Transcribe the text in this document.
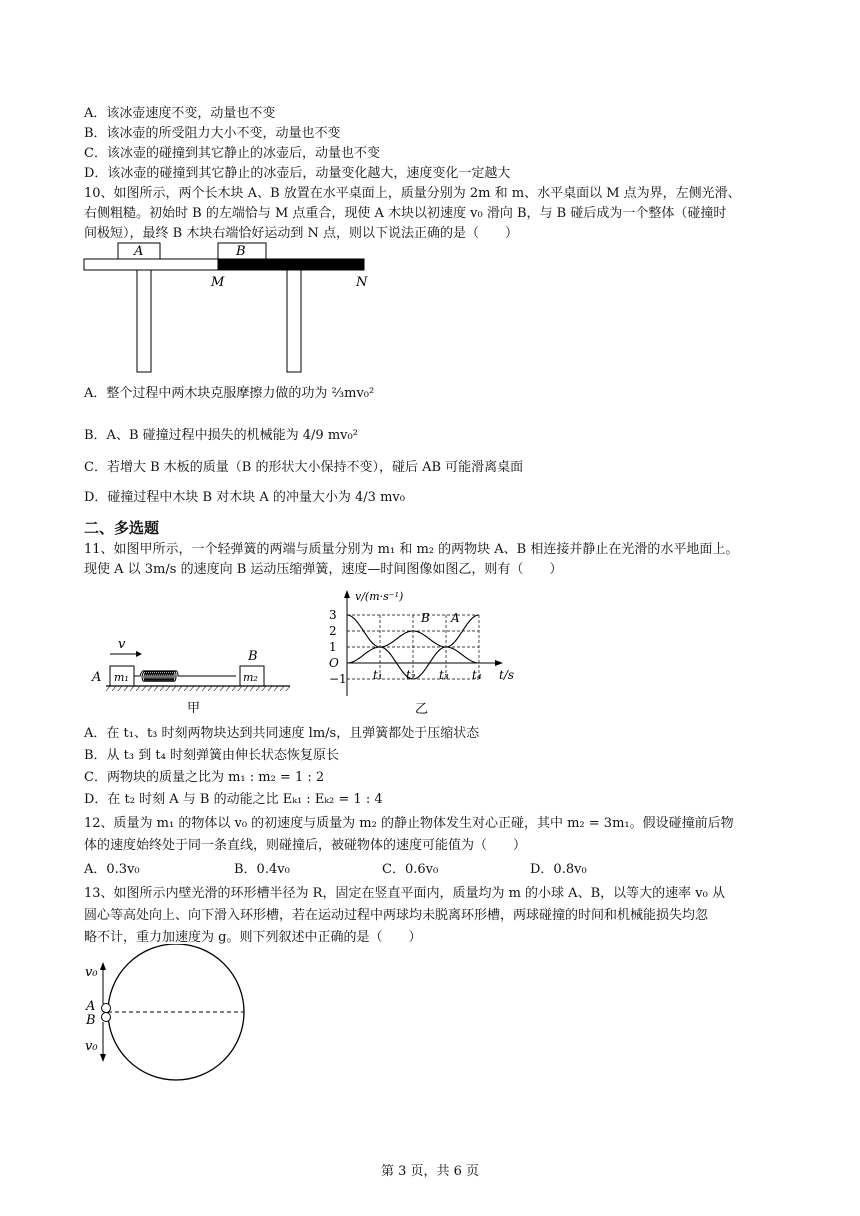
A．该冰壶速度不变，动量也不变
B．该冰壶的所受阻力大小不变，动量也不变
C．该冰壶的碰撞到其它静止的冰壶后，动量也不变
D．该冰壶的碰撞到其它静止的冰壶后，动量变化越大，速度变化一定越大
10、如图所示，两个长木块 A、B 放置在水平桌面上，质量分别为 2m 和 m、水平桌面以 M 点为界，左侧光滑、
右侧粗糙。初始时 B 的左端恰与 M 点重合，现使 A 木块以初速度 v₀ 滑向 B，与 B 碰后成为一个整体（碰撞时
间极短），最终 B 木块右端恰好运动到 N 点，则以下说法正确的是（　　）
A	B
M	N
A．整个过程中两木块克服摩擦力做的功为 ⅔mv₀²
B．A、B 碰撞过程中损失的机械能为 4/9 mv₀²
C．若增大 B 木板的质量（B 的形状大小保持不变），碰后 AB 可能滑离桌面
D．碰撞过程中木块 B 对木块 A 的冲量大小为 4/3 mv₀
二、多选题
11、如图甲所示，一个轻弹簧的两端与质量分别为 m₁ 和 m₂ 的两物块 A、B 相连接并静止在光滑的水平地面上。
现使 A 以 3m/s 的速度向 B 运动压缩弹簧，速度—时间图像如图乙，则有（　　）
v
A m₁
B
m₂
甲
v/(m·s⁻¹)
t/s
3
2
1
O
−1 t₁ t₂ t₃ t₄
B A
乙
A．在 t₁、t₃ 时刻两物块达到共同速度 lm/s，且弹簧都处于压缩状态
B．从 t₃ 到 t₄ 时刻弹簧由伸长状态恢复原长
C．两物块的质量之比为 m₁ : m₂ = 1 : 2
D．在 t₂ 时刻 A 与 B 的动能之比 Eₖ₁ : Eₖ₂ = 1 : 4
12、质量为 m₁ 的物体以 v₀ 的初速度与质量为 m₂ 的静止物体发生对心正碰，其中 m₂ = 3m₁。假设碰撞前后物
体的速度始终处于同一条直线，则碰撞后，被碰物体的速度可能值为（　　）
A．0.3v₀	B．0.4v₀	C．0.6v₀	D．0.8v₀
13、如图所示内壁光滑的环形槽半径为 R，固定在竖直平面内，质量均为 m 的小球 A、B，以等大的速率 v₀ 从
圆心等高处向上、向下滑入环形槽，若在运动过程中两球均未脱离环形槽，两球碰撞的时间和机械能损失均忽
略不计，重力加速度为 g。则下列叙述中正确的是（　　）
v₀
A
B
v₀
第 3 页，共 6 页
